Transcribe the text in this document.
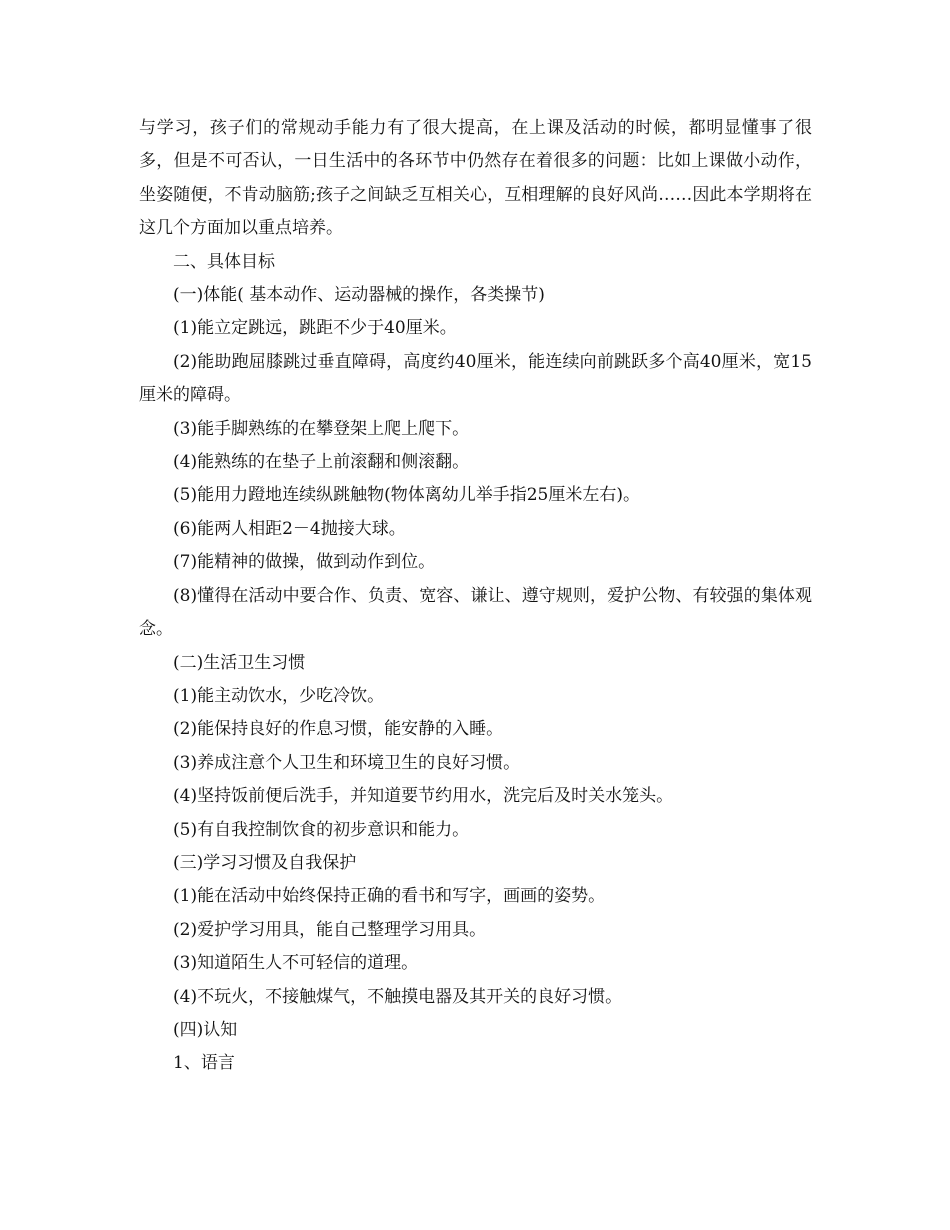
与学习，孩子们的常规动手能力有了很大提高，在上课及活动的时候，都明显懂事了很多，但是不可否认，一日生活中的各环节中仍然存在着很多的问题：比如上课做小动作，坐姿随便，不肯动脑筋;孩子之间缺乏互相关心，互相理解的良好风尚……因此本学期将在这几个方面加以重点培养。

二、具体目标

(一)体能( 基本动作、运动器械的操作，各类操节)

(1)能立定跳远，跳距不少于40厘米。

(2)能助跑屈膝跳过垂直障碍，高度约40厘米，能连续向前跳跃多个高40厘米，宽15厘米的障碍。

(3)能手脚熟练的在攀登架上爬上爬下。

(4)能熟练的在垫子上前滚翻和侧滚翻。

(5)能用力蹬地连续纵跳触物(物体离幼儿举手指25厘米左右)。

(6)能两人相距2－4抛接大球。

(7)能精神的做操，做到动作到位。

(8)懂得在活动中要合作、负责、宽容、谦让、遵守规则，爱护公物、有较强的集体观念。

(二)生活卫生习惯

(1)能主动饮水，少吃冷饮。

(2)能保持良好的作息习惯，能安静的入睡。

(3)养成注意个人卫生和环境卫生的良好习惯。

(4)坚持饭前便后洗手，并知道要节约用水，洗完后及时关水笼头。

(5)有自我控制饮食的初步意识和能力。

(三)学习习惯及自我保护

(1)能在活动中始终保持正确的看书和写字，画画的姿势。

(2)爱护学习用具，能自己整理学习用具。

(3)知道陌生人不可轻信的道理。

(4)不玩火，不接触煤气，不触摸电器及其开关的良好习惯。

(四)认知

1、语言
